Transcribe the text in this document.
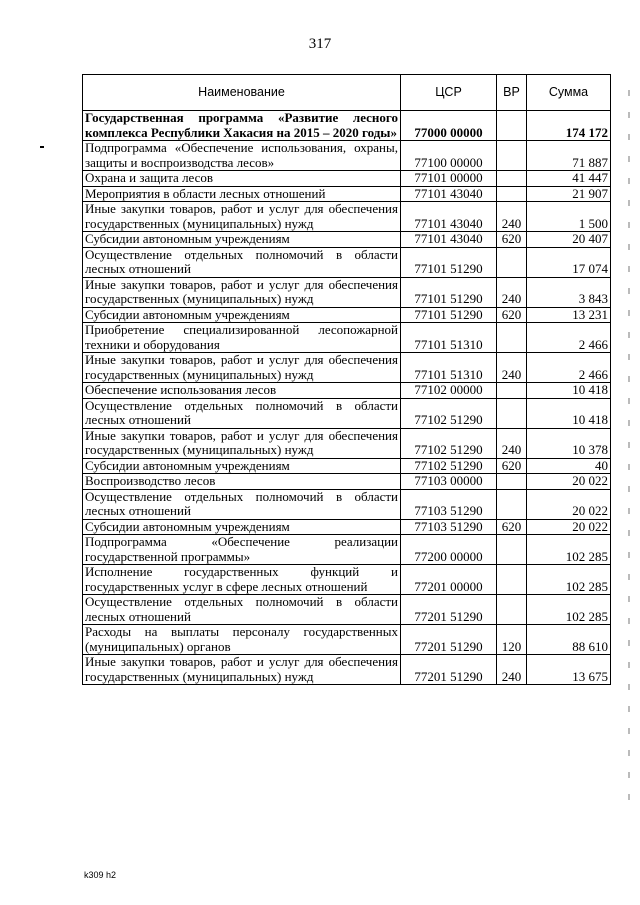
317
Наименование	ЦСР	ВР	Сумма
Государственная программа «Развитие лесного комплекса Республики Хакасия на 2015 – 2020 годы»	77000 00000		174 172
Подпрограмма «Обеспечение использования, охраны, защиты и воспроизводства лесов»	77100 00000		71 887
Охрана и защита лесов	77101 00000		41 447
Мероприятия в области лесных отношений	77101 43040		21 907
Иные закупки товаров, работ и услуг для обеспечения государственных (муниципальных) нужд	77101 43040	240	1 500
Субсидии автономным учреждениям	77101 43040	620	20 407
Осуществление отдельных полномочий в области лесных отношений	77101 51290		17 074
Иные закупки товаров, работ и услуг для обеспечения государственных (муниципальных) нужд	77101 51290	240	3 843
Субсидии автономным учреждениям	77101 51290	620	13 231
Приобретение специализированной лесопожарной техники и оборудования	77101 51310		2 466
Иные закупки товаров, работ и услуг для обеспечения государственных (муниципальных) нужд	77101 51310	240	2 466
Обеспечение использования лесов	77102 00000		10 418
Осуществление отдельных полномочий в области лесных отношений	77102 51290		10 418
Иные закупки товаров, работ и услуг для обеспечения государственных (муниципальных) нужд	77102 51290	240	10 378
Субсидии автономным учреждениям	77102 51290	620	40
Воспроизводство лесов	77103 00000		20 022
Осуществление отдельных полномочий в области лесных отношений	77103 51290		20 022
Субсидии автономным учреждениям	77103 51290	620	20 022
Подпрограмма «Обеспечение реализации государственной программы»	77200 00000		102 285
Исполнение государственных функций и государственных услуг в сфере лесных отношений	77201 00000		102 285
Осуществление отдельных полномочий в области лесных отношений	77201 51290		102 285
Расходы на выплаты персоналу государственных (муниципальных) органов	77201 51290	120	88 610
Иные закупки товаров, работ и услуг для обеспечения государственных (муниципальных) нужд	77201 51290	240	13 675
k309 h2
